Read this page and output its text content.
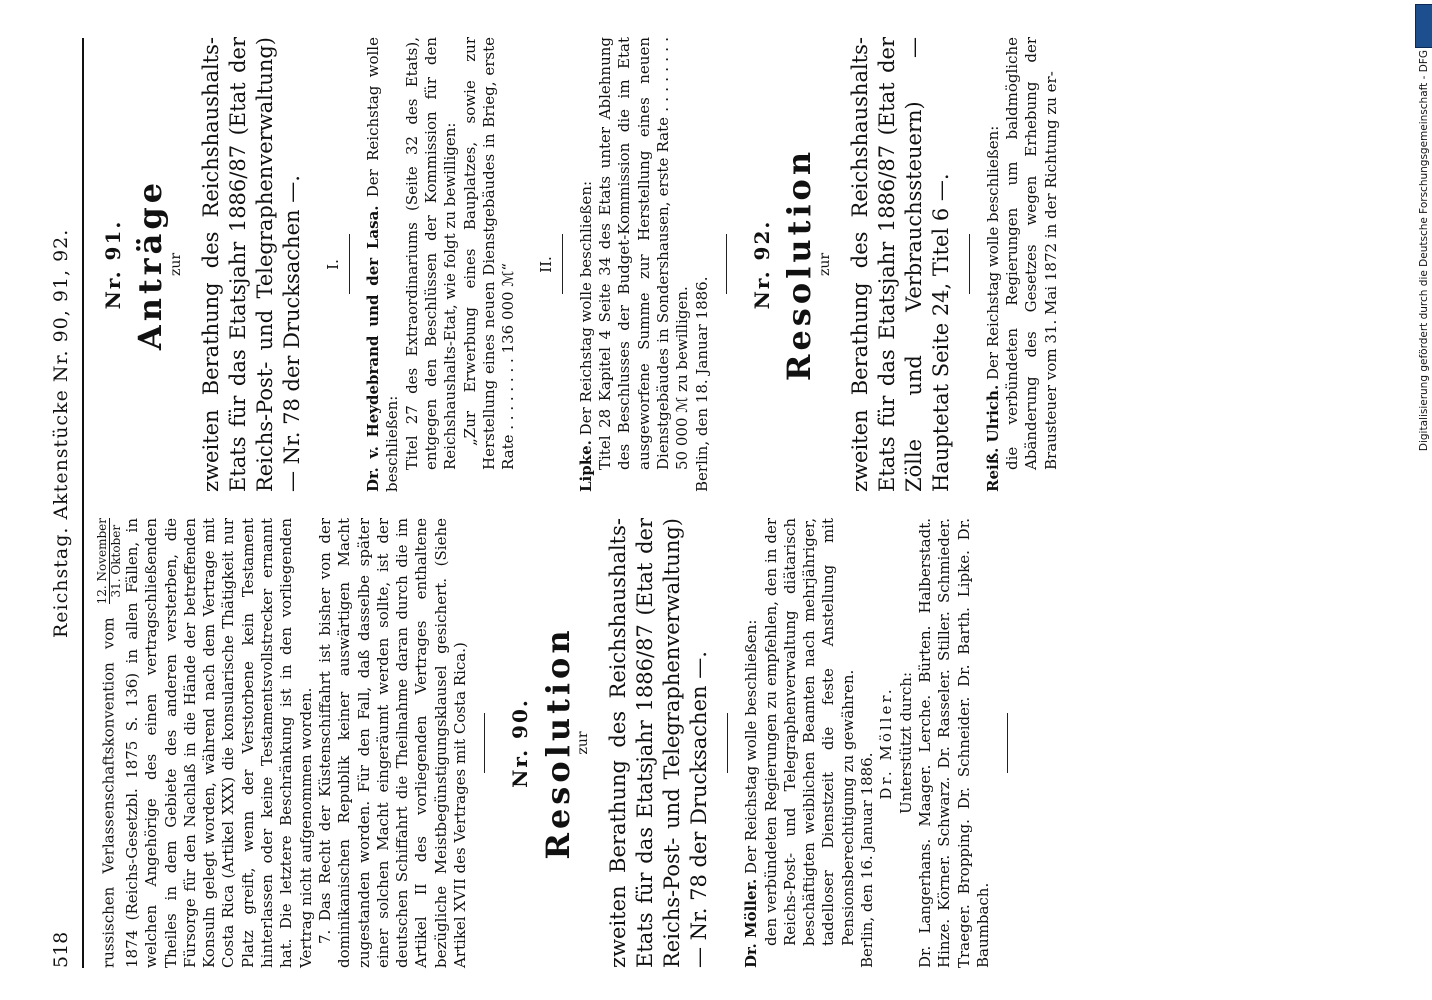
518
Reichstag. Aktenstücke Nr. 90, 91, 92.

russischen Verlassenschaftskonvention vom
12. November 31. Oktober
1874 (Reichs-Gesetzbl. 1875 S. 136) in allen Fällen, in welchen Angehörige des einen vertragschließenden Theiles in dem Gebiete des anderen versterben, die Fürsorge für den Nachlaß in die Hände der betreffenden Konsuln gelegt worden, während nach dem Vertrage mit Costa Rica (Artikel XXX) die konsularische Thätigkeit nur Platz greift, wenn der Verstorbene kein Testament hinterlassen oder keine Testamentsvollstrecker ernannt hat. Die letztere Beschränkung ist in den vorliegenden Vertrag nicht aufgenommen worden. 7. Das Recht der Küstenschiffahrt ist bisher von der dominikanischen Republik keiner auswärtigen Macht zugestanden worden. Für den Fall, daß dasselbe später einer solchen Macht eingeräumt werden sollte, ist der deutschen Schiffahrt die Theilnahme daran durch die im Artikel II des vorliegenden Vertrages enthaltene bezügliche Meistbegünstigungsklausel gesichert. (Siehe Artikel XVII des Vertrages mit Costa Rica.) Nr. 90. Resolution
zur zweiten Berathung des Reichshaushalts-Etats für das Etatsjahr 1886/87 (Etat der Reichs-Post- und Telegraphenverwaltung) — Nr. 78 der Drucksachen —. Dr. Möller. Der Reichstag wolle beschließen: den verbündeten Regierungen zu empfehlen, den in der Reichs-Post- und Telegraphenverwaltung diätarisch beschäftigten weiblichen Beamten nach mehrjähriger, tadelloser Dienstzeit die feste Anstellung mit Pensionsberechtigung zu gewähren. Berlin, den 16. Januar 1886.

Dr. Möller. Unterstützt durch: Dr. Langerhans. Maager. Lerche. Bürten. Halberstadt. Hinze. Körner. Schwarz. Dr. Rasseler. Stiller. Schmieder. Traeger. Bropping. Dr. Schneider. Dr. Barth. Lipke. Dr. Baumbach.

Nr. 91. Anträge
zur zweiten Berathung des Reichshaushalts-Etats für das Etatsjahr 1886/87 (Etat der Reichs-Post- und Telegraphenverwaltung) — Nr. 78 der Drucksachen —. I. Dr. v. Heydebrand und der Lasa. Der Reichstag wolle beschließen: Titel 27 des Extraordinariums (Seite 32 des Etats), entgegen den Beschlüssen der Kommission für den Reichshaushalts-Etat, wie folgt zu bewilligen: „Zur Erwerbung eines Bauplatzes, sowie zur Herstellung eines neuen Dienstgebäudes in Brieg, erste Rate . . . . . . . . 136 000 ℳ“ II.

Lipke. Der Reichstag wolle beschließen: Titel 28 Kapitel 4 Seite 34 des Etats unter Ablehnung des Beschlusses der Budget-Kommission die im Etat ausgeworfene Summe zur Herstellung eines neuen Dienstgebäudes in Sondershausen, erste Rate . . . . . . . . 50 000 ℳ zu bewilligen. Berlin, den 18. Januar 1886.

Nr. 92. Resolution
zur zweiten Berathung des Reichshaushalts-Etats für das Etatsjahr 1886/87 (Etat der Zölle und Verbrauchssteuern) — Hauptetat Seite 24, Titel 6 —. Reiß. Ulrich. Der Reichstag wolle beschließen: die verbündeten Regierungen um baldmögliche Abänderung des Gesetzes wegen Erhebung der Brausteuer vom 31. Mai 1872 in der Richtung zu er-	Digitalisierung gefördert durch die Deutsche Forschungsgemeinschaft - DFG
